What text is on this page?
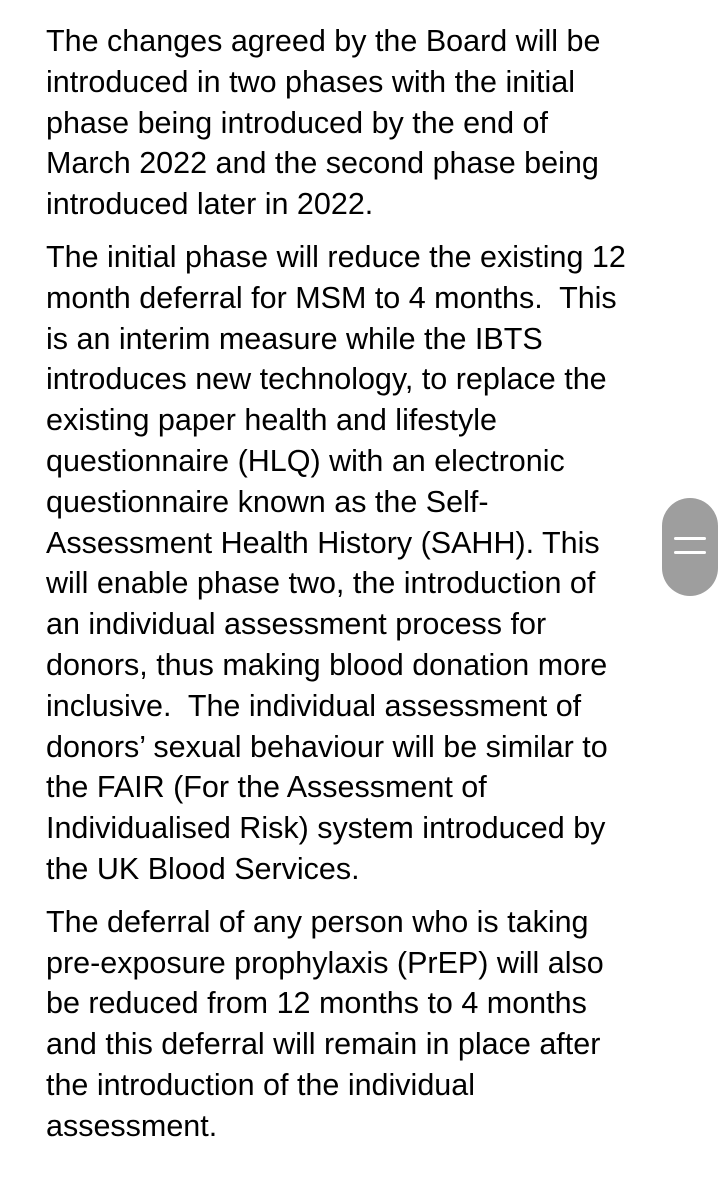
The changes agreed by the Board will be
introduced in two phases with the initial
phase being introduced by the end of
March 2022 and the second phase being
introduced later in 2022.

The initial phase will reduce the existing 12
month deferral for MSM to 4 months.  This
is an interim measure while the IBTS
introduces new technology, to replace the
existing paper health and lifestyle
questionnaire (HLQ) with an electronic
questionnaire known as the Self-
Assessment Health History (SAHH). This
will enable phase two, the introduction of
an individual assessment process for
donors, thus making blood donation more
inclusive.  The individual assessment of
donors’ sexual behaviour will be similar to
the FAIR (For the Assessment of
Individualised Risk) system introduced by
the UK Blood Services.

The deferral of any person who is taking
pre-exposure prophylaxis (PrEP) will also
be reduced from 12 months to 4 months
and this deferral will remain in place after
the introduction of the individual
assessment.
